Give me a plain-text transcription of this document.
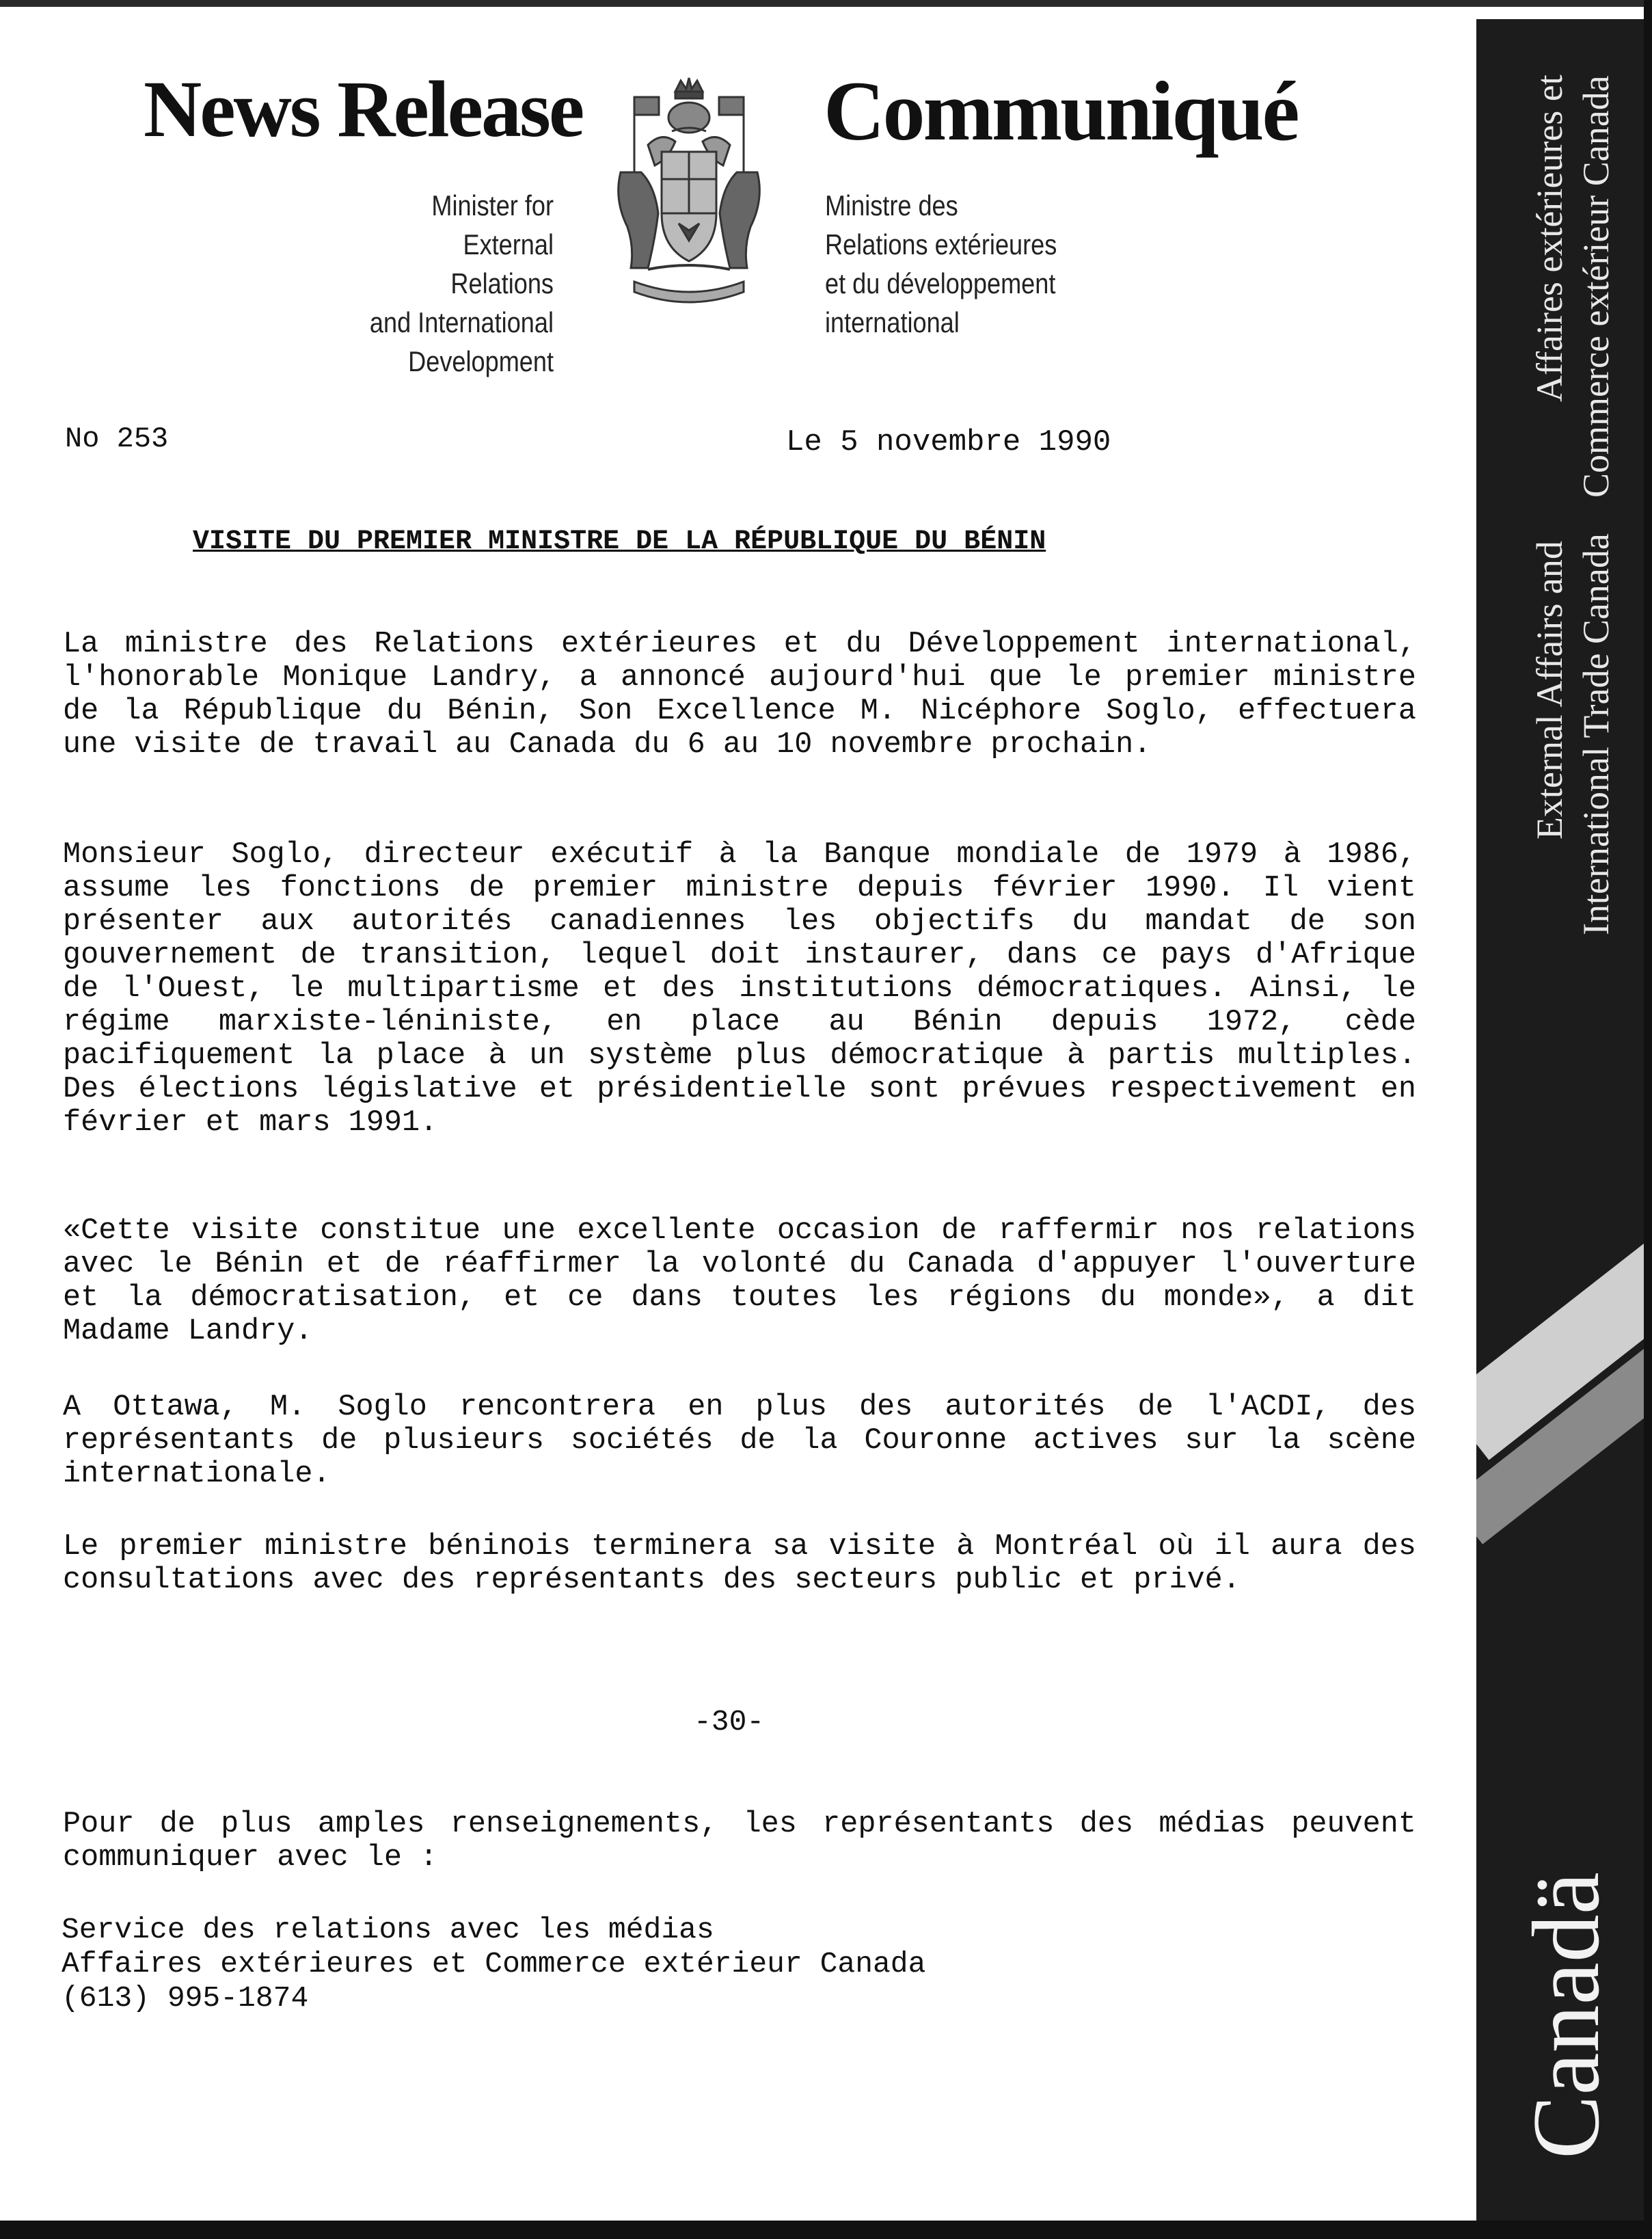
News Release	Communiqué
Minister for
External Relations
and International
Development
Ministre des
Relations extérieures
et du développement
international
No 253	Le 5 novembre 1990
VISITE DU PREMIER MINISTRE DE LA RÉPUBLIQUE DU BÉNIN

La ministre des Relations extérieures et du Développement international, l'honorable Monique Landry, a annoncé aujourd'hui que le premier ministre de la République du Bénin, Son Excellence M. Nicéphore Soglo, effectuera une visite de travail au Canada du 6 au 10 novembre prochain.

Monsieur Soglo, directeur exécutif à la Banque mondiale de 1979 à 1986, assume les fonctions de premier ministre depuis février 1990. Il vient présenter aux autorités canadiennes les objectifs du mandat de son gouvernement de transition, lequel doit instaurer, dans ce pays d'Afrique de l'Ouest, le multipartisme et des institutions démocratiques. Ainsi, le régime marxiste-léniniste, en place au Bénin depuis 1972, cède pacifiquement la place à un système plus démocratique à partis multiples. Des élections législative et présidentielle sont prévues respectivement en février et mars 1991.

«Cette visite constitue une excellente occasion de raffermir nos relations avec le Bénin et de réaffirmer la volonté du Canada d'appuyer l'ouverture et la démocratisation, et ce dans toutes les régions du monde», a dit Madame Landry.

A Ottawa, M. Soglo rencontrera en plus des autorités de l'ACDI, des représentants de plusieurs sociétés de la Couronne actives sur la scène internationale.

Le premier ministre béninois terminera sa visite à Montréal où il aura des consultations avec des représentants des secteurs public et privé.

-30-

Pour de plus amples renseignements, les représentants des médias peuvent communiquer avec le :

Service des relations avec les médias

Affaires extérieures et Commerce extérieur Canada

(613) 995-1874

Affaires extérieures et Commerce extérieur Canada
External Affairs and International Trade Canada
Canadä
